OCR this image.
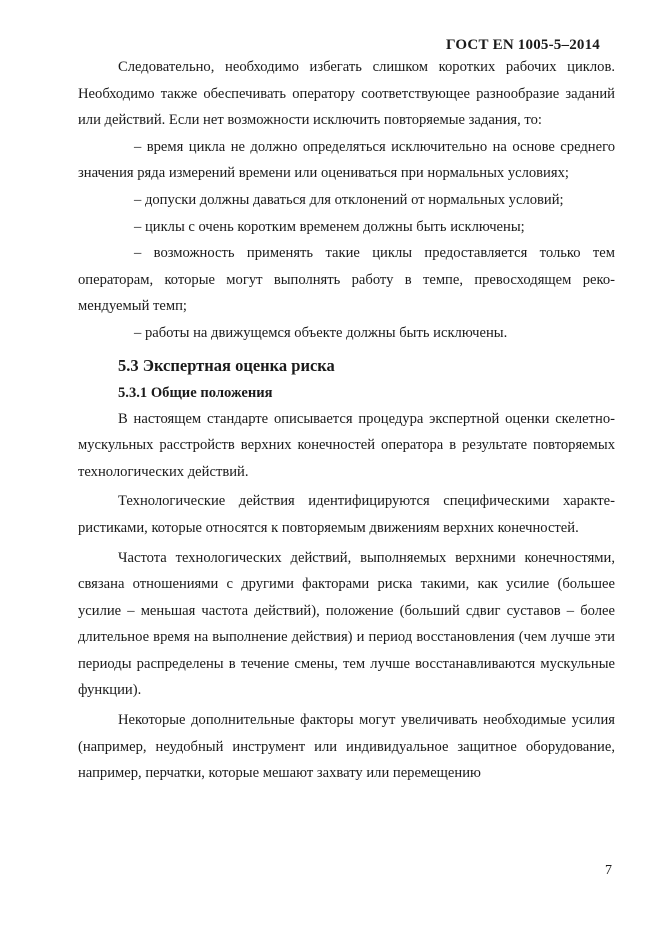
ГОСТ EN 1005-5–2014

Следовательно, необходимо избегать слишком коротких рабочих циклов. Необходимо также обеспечивать оператору соответствующее разнообразие заданий или действий. Если нет возможности исключить повторяемые задания, то:

– время цикла не должно определяться исключительно на основе среднего значения ряда измерений времени или оцениваться при нормальных условиях;

– допуски должны даваться для отклонений от нормальных условий;

– циклы с очень коротким временем должны быть исключены;

– возможность применять такие циклы предоставляется только тем операторам, которые могут выполнять работу в темпе, превосходящем рекомендуемый темп;

– работы на движущемся объекте должны быть исключены.

5.3 Экспертная оценка риска
5.3.1 Общие положения

В настоящем стандарте описывается процедура экспертной оценки скелетно-мускульных расстройств верхних конечностей оператора в результате повторяемых технологических действий.

Технологические действия идентифицируются специфическими характеристиками, которые относятся к повторяемым движениям верхних конечностей.

Частота технологических действий, выполняемых верхними конечностями, связана отношениями с другими факторами риска такими, как усилие (большее усилие – меньшая частота действий), положение (больший сдвиг суставов – более длительное время на выполнение действия) и период восстановления (чем лучше эти периоды распределены в течение смены, тем лучше восстанавливаются мускульные функции).

Некоторые дополнительные факторы могут увеличивать необходимые усилия (например, неудобный инструмент или индивидуальное защитное оборудование, например, перчатки, которые мешают захвату или перемещению

7
